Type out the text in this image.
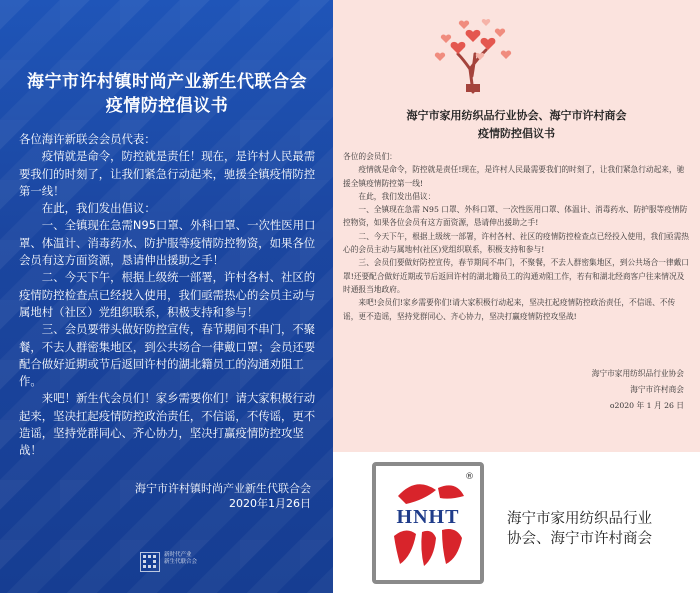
海宁市许村镇时尚产业新生代联合会
疫情防控倡议书

各位海许新联会会员代表：

疫情就是命令，防控就是责任！现在，是许村人民最需要我们的时刻了，让我们紧急行动起来，驰援全镇疫情防控第一线！

在此，我们发出倡议：

一、全镇现在急需N95口罩、外科口罩、一次性医用口罩、体温计、消毒药水、防护服等疫情防控物资，如果各位会员有这方面资源，恳请伸出援助之手！

二、今天下午，根据上级统一部署，许村各村、社区的疫情防控检查点已经投入使用，我们亟需热心的会员主动与属地村（社区）党组织联系，积极支持和参与！

三、会员要带头做好防控宣传，春节期间不串门，不聚餐，不去人群密集地区，到公共场合一律戴口罩；会员还要配合做好近期或节后返回许村的湖北籍员工的沟通劝阻工作。

来吧！新生代会员们！家乡需要你们！请大家积极行动起来，坚决扛起疫情防控政治责任，不信谣，不传谣，更不造谣，坚持党群同心、齐心协力，坚决打赢疫情防控攻坚战！

海宁市许村镇时尚产业新生代联合会
2020年1月26日
新时代产业
新生代联合会
海宁市家用纺织品行业协会、海宁市许村商会
疫情防控倡议书

各位的会员们：

疫情就是命令，防控就是责任!现在，是许村人民最需要我们的时刻了，让我们紧急行动起来，驰援全镇疫情防控第一线!

在此，我们发出倡议：

一、全镇现在急需 N95 口罩、外科口罩、一次性医用口罩、体温计、消毒药水、防护服等疫情防控物资，如果各位会员有这方面资源，恳请伸出援助之手!

二、今天下午，根据上级统一部署，许村各村、社区的疫情防控检查点已经投入使用，我们亟需热心的会员主动与属地村(社区)党组织联系，积极支持和参与!

三、会员们要做好防控宣传，春节期间不串门，不聚餐，不去人群密集地区，到公共场合一律戴口罩!还要配合做好近期或节后返回许村的湖北籍员工的沟通劝阻工作，若有和湖北经商客户往来情况及时通报当地政府。

来吧!会员们!家乡需要你们!请大家积极行动起来，坚决扛起疫情防控政治责任，不信谣、不传谣，更不造谣，坚持党群同心、齐心协力，坚决打赢疫情防控攻坚战!

海宁市家用纺织品行业协会
海宁市许村商会
o2020 年 1 月 26 日
®
HNHT	海宁市家用纺织品行业
协会、海宁市许村商会
